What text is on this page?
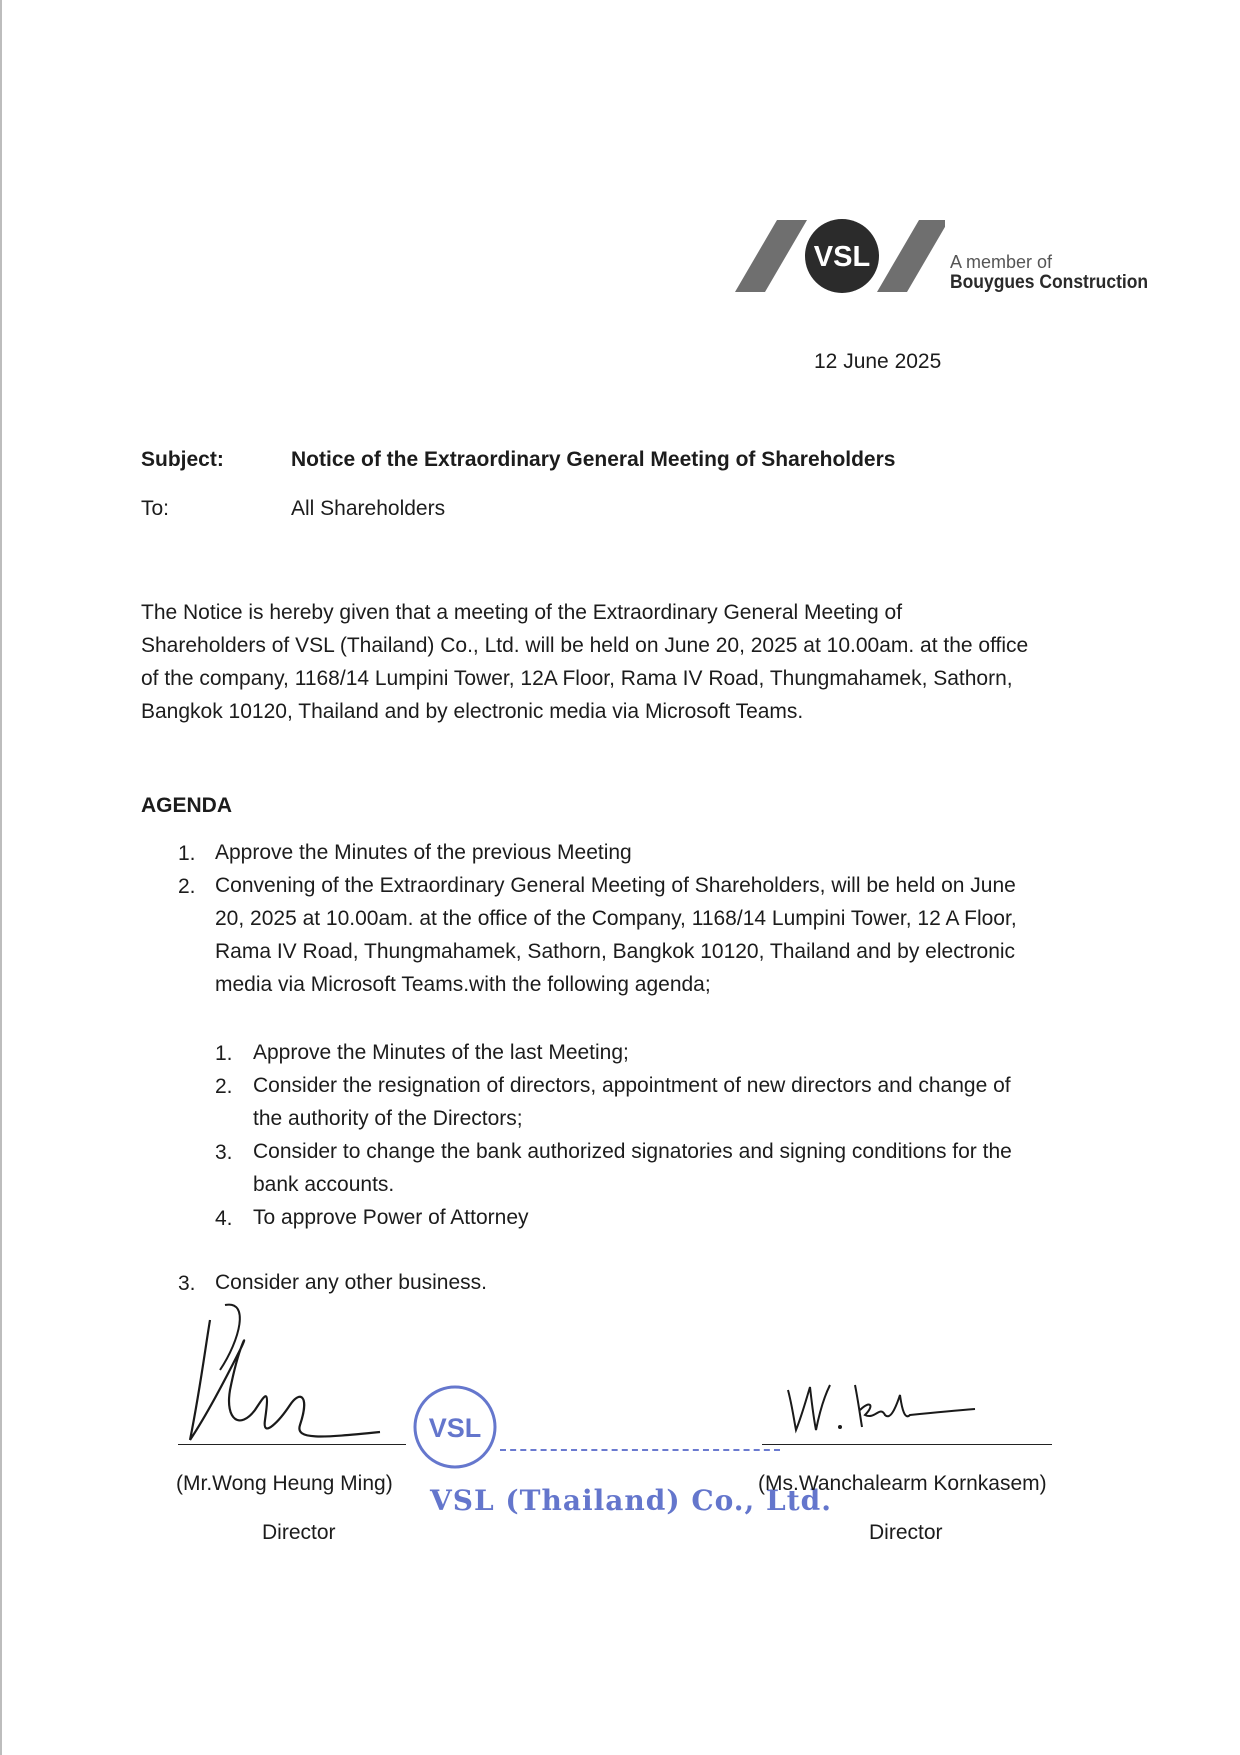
VSL	A member of
Bouygues Construction
12 June 2025
Subject:	Notice of the Extraordinary General Meeting of Shareholders
To:	All Shareholders
The Notice is hereby given that a meeting of the Extraordinary General Meeting of
Shareholders of VSL (Thailand) Co., Ltd. will be held on June 20, 2025 at 10.00am. at the office
of the company, 1168/14 Lumpini Tower, 12A Floor, Rama IV Road, Thungmahamek, Sathorn,
Bangkok 10120, Thailand and by electronic media via Microsoft Teams.
AGENDA
1. Approve the Minutes of the previous Meeting
2. Convening of the Extraordinary General Meeting of Shareholders, will be held on June
20, 2025 at 10.00am. at the office of the Company, 1168/14 Lumpini Tower, 12 A Floor,
Rama IV Road, Thungmahamek, Sathorn, Bangkok 10120, Thailand and by electronic
media via Microsoft Teams.with the following agenda;
1. Approve the Minutes of the last Meeting;
2. Consider the resignation of directors, appointment of new directors and change of
the authority of the Directors;
3. Consider to change the bank authorized signatories and signing conditions for the
bank accounts.
4. To approve Power of Attorney
3. Consider any other business.
(Mr.Wong Heung Ming)
Director
VSL
VSL (Thailand) Co., Ltd.
(Ms.Wanchalearm Kornkasem)
Director
